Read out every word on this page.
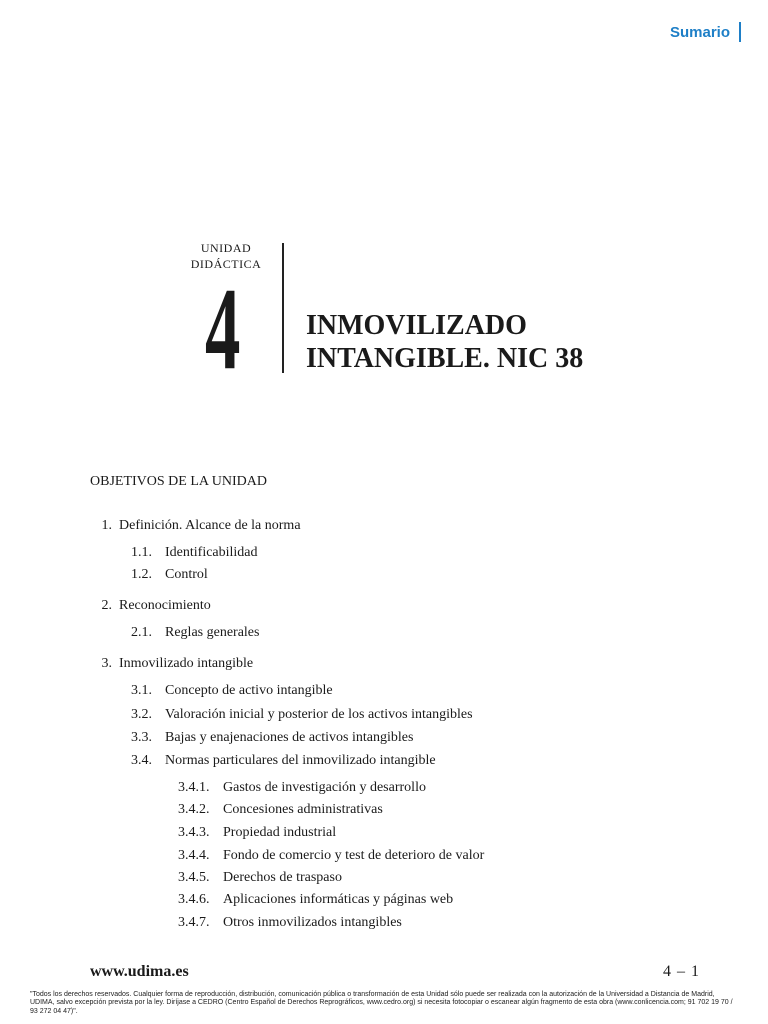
Sumario
UNIDAD
DIDÁCTICA
4 INMOVILIZADO
INTANGIBLE. NIC 38
OBJETIVOS DE LA UNIDAD
1. Definición. Alcance de la norma
1.1. Identificabilidad
1.2. Control
2. Reconocimiento
2.1. Reglas generales
3. Inmovilizado intangible
3.1. Concepto de activo intangible
3.2. Valoración inicial y posterior de los activos intangibles
3.3. Bajas y enajenaciones de activos intangibles
3.4. Normas particulares del inmovilizado intangible
3.4.1. Gastos de investigación y desarrollo
3.4.2. Concesiones administrativas
3.4.3. Propiedad industrial
3.4.4. Fondo de comercio y test de deterioro de valor
3.4.5. Derechos de traspaso
3.4.6. Aplicaciones informáticas y páginas web
3.4.7. Otros inmovilizados intangibles
www.udima.es	4 – 1
"Todos los derechos reservados. Cualquier forma de reproducción, distribución, comunicación pública o transformación de esta Unidad sólo puede ser realizada con la autorización de la Universidad a Distancia de Madrid, UDIMA, salvo excepción prevista por la ley. Diríjase a CEDRO (Centro Español de Derechos Reprográficos, www.cedro.org) si necesita fotocopiar o escanear algún fragmento de esta obra (www.conlicencia.com; 91 702 19 70 / 93 272 04 47)".
